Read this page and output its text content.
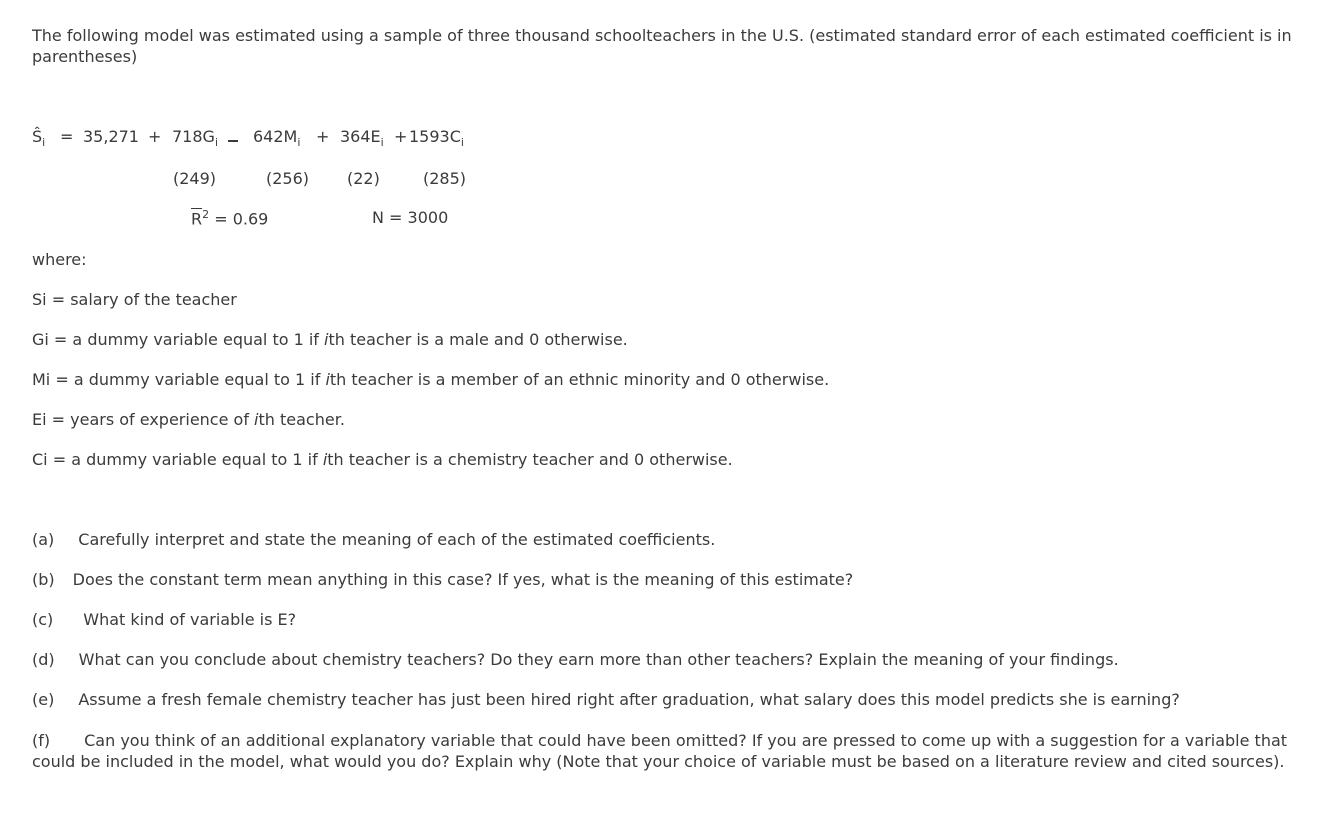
The following model was estimated using a sample of three thousand schoolteachers in the U.S. (estimated standard error of each estimated coefficient is in parentheses)
$Ŝ_i = 35,271 + 718G_i$ $642M_i + 364E_i + 1593C_i$
(249)	(256) (22)	(285)
$\overline{R}^2 = 0.69$	N = 3000
where:
Si = salary of the teacher
Gi = a dummy variable equal to 1 if ith teacher is a male and 0 otherwise.
Mi = a dummy variable equal to 1 if ith teacher is a member of an ethnic minority and 0 otherwise.
Ei = years of experience of ith teacher.
Ci = a dummy variable equal to 1 if ith teacher is a chemistry teacher and 0 otherwise.
(a) Carefully interpret and state the meaning of each of the estimated coefficients.
(b) Does the constant term mean anything in this case? If yes, what is the meaning of this estimate?
(c) What kind of variable is E?
(d) What can you conclude about chemistry teachers? Do they earn more than other teachers? Explain the meaning of your findings.
(e) Assume a fresh female chemistry teacher has just been hired right after graduation, what salary does this model predicts she is earning?
(f) Can you think of an additional explanatory variable that could have been omitted? If you are pressed to come up with a suggestion for a variable that could be included in the model, what would you do? Explain why (Note that your choice of variable must be based on a literature review and cited sources).
